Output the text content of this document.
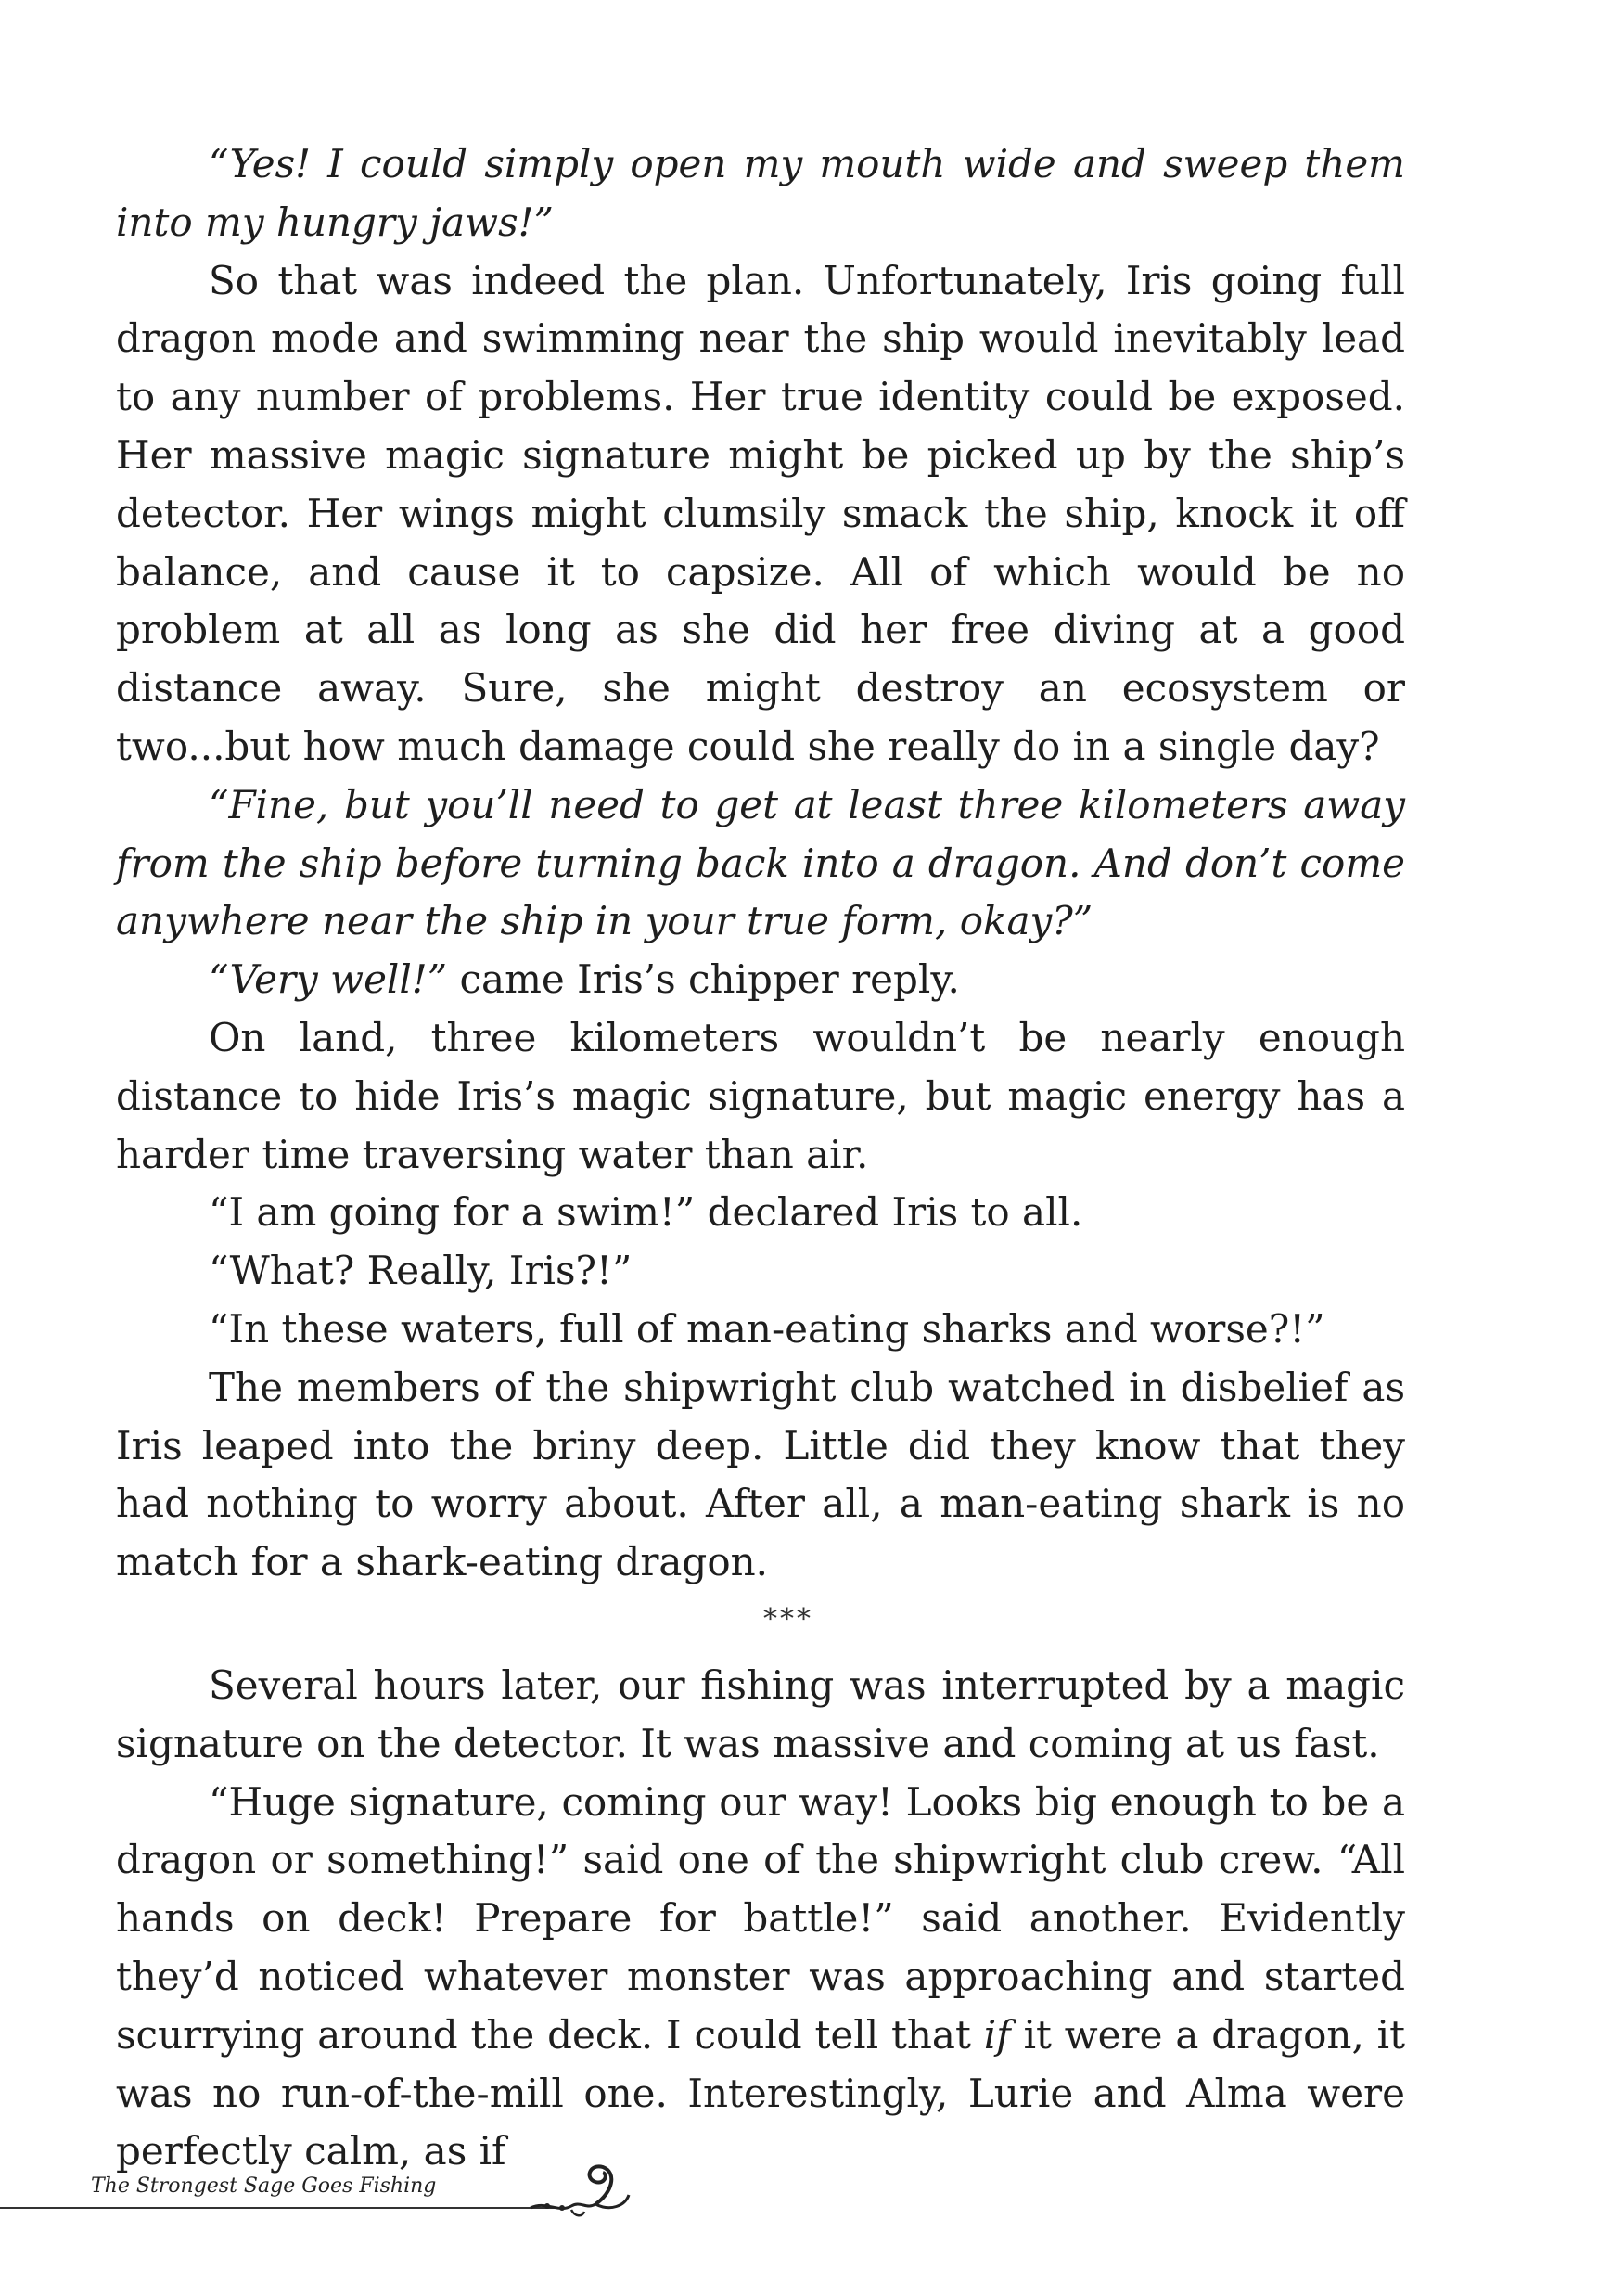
“Yes! I could simply open my mouth wide and sweep them into my hungry jaws!”

So that was indeed the plan. Unfortunately, Iris going full dragon mode and swimming near the ship would inevitably lead to any number of problems. Her true identity could be exposed. Her massive magic signature might be picked up by the ship’s detector. Her wings might clumsily smack the ship, knock it off balance, and cause it to capsize. All of which would be no problem at all as long as she did her free diving at a good distance away. Sure, she might destroy an ecosystem or two...but how much damage could she really do in a single day?

“Fine, but you’ll need to get at least three kilometers away from the ship before turning back into a dragon. And don’t come anywhere near the ship in your true form, okay?”

“Very well!” came Iris’s chipper reply.

On land, three kilometers wouldn’t be nearly enough distance to hide Iris’s magic signature, but magic energy has a harder time traversing water than air.

“I am going for a swim!” declared Iris to all.

“What? Really, Iris?!”

“In these waters, full of man-eating sharks and worse?!”

The members of the shipwright club watched in disbelief as Iris leaped into the briny deep. Little did they know that they had nothing to worry about. After all, a man-eating shark is no match for a shark-eating dragon.

***

Several hours later, our fishing was interrupted by a magic signature on the detector. It was massive and coming at us fast.

“Huge signature, coming our way! Looks big enough to be a dragon or something!” said one of the shipwright club crew. “All hands on deck! Prepare for battle!” said another. Evidently they’d noticed whatever monster was approaching and started scurrying around the deck. I could tell that if it were a dragon, it was no run-of-the-mill one. Interestingly, Lurie and Alma were perfectly calm, as if

The Strongest Sage Goes Fishing
